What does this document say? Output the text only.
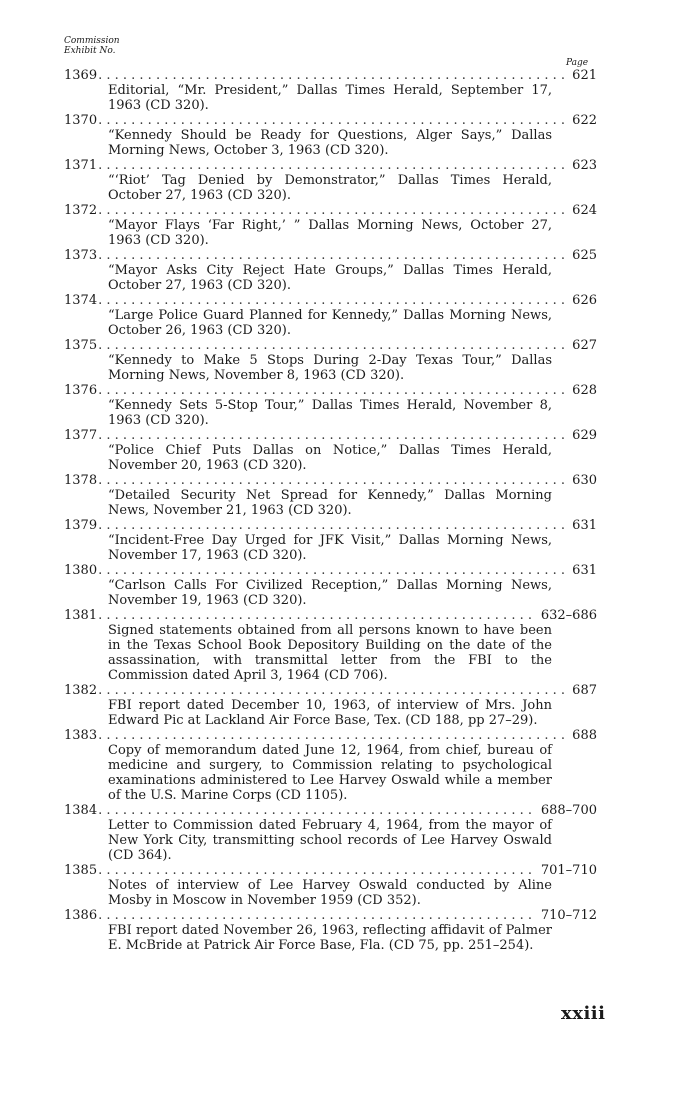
Commission
Exhibit No.
Page
1369 . . .	621
Editorial, “Mr. President,” Dallas Times Herald, September 17, 1963 (CD 320).
1370 . . .	622
“Kennedy Should be Ready for Questions, Alger Says,” Dallas Morning News, October 3, 1963 (CD 320).
1371 . . .	623
“‘Riot’ Tag Denied by Demonstrator,” Dallas Times Herald, October 27, 1963 (CD 320).
1372 . . .	624
“Mayor Flays ‘Far Right,’ ” Dallas Morning News, October 27, 1963 (CD 320).
1373 . . .	625
“Mayor Asks City Reject Hate Groups,” Dallas Times Herald, October 27, 1963 (CD 320).
1374 . . .	626
“Large Police Guard Planned for Kennedy,” Dallas Morning News, October 26, 1963 (CD 320).
1375 . . .	627
“Kennedy to Make 5 Stops During 2-Day Texas Tour,” Dallas Morning News, November 8, 1963 (CD 320).
1376 . . .	628
“Kennedy Sets 5-Stop Tour,” Dallas Times Herald, November 8, 1963 (CD 320).
1377 . . .	629
“Police Chief Puts Dallas on Notice,” Dallas Times Herald, November 20, 1963 (CD 320).
1378 . . .	630
“Detailed Security Net Spread for Kennedy,” Dallas Morning News, November 21, 1963 (CD 320).
1379 . . .	631
“Incident-Free Day Urged for JFK Visit,” Dallas Morning News, November 17, 1963 (CD 320).
1380 . . .	631
“Carlson Calls For Civilized Reception,” Dallas Morning News, November 19, 1963 (CD 320).
1381 . . .	632–686
Signed statements obtained from all persons known to have been in the Texas School Book Depository Building on the date of the assassination, with transmittal letter from the FBI to the Commission dated April 3, 1964 (CD 706).
1382 . . .	687
FBI report dated December 10, 1963, of interview of Mrs. John Edward Pic at Lackland Air Force Base, Tex. (CD 188, pp 27–29).
1383 . . .	688
Copy of memorandum dated June 12, 1964, from chief, bureau of medicine and surgery, to Commission relating to psychological examinations administered to Lee Harvey Oswald while a member of the U.S. Marine Corps (CD 1105).
1384 . . .	688–700
Letter to Commission dated February 4, 1964, from the mayor of New York City, transmitting school records of Lee Harvey Oswald (CD 364).
1385 . . .	701–710
Notes of interview of Lee Harvey Oswald conducted by Aline Mosby in Moscow in November 1959 (CD 352).
1386 . . .	710–712
FBI report dated November 26, 1963, reflecting affidavit of Palmer E. McBride at Patrick Air Force Base, Fla. (CD 75, pp. 251–254).
xxiii
